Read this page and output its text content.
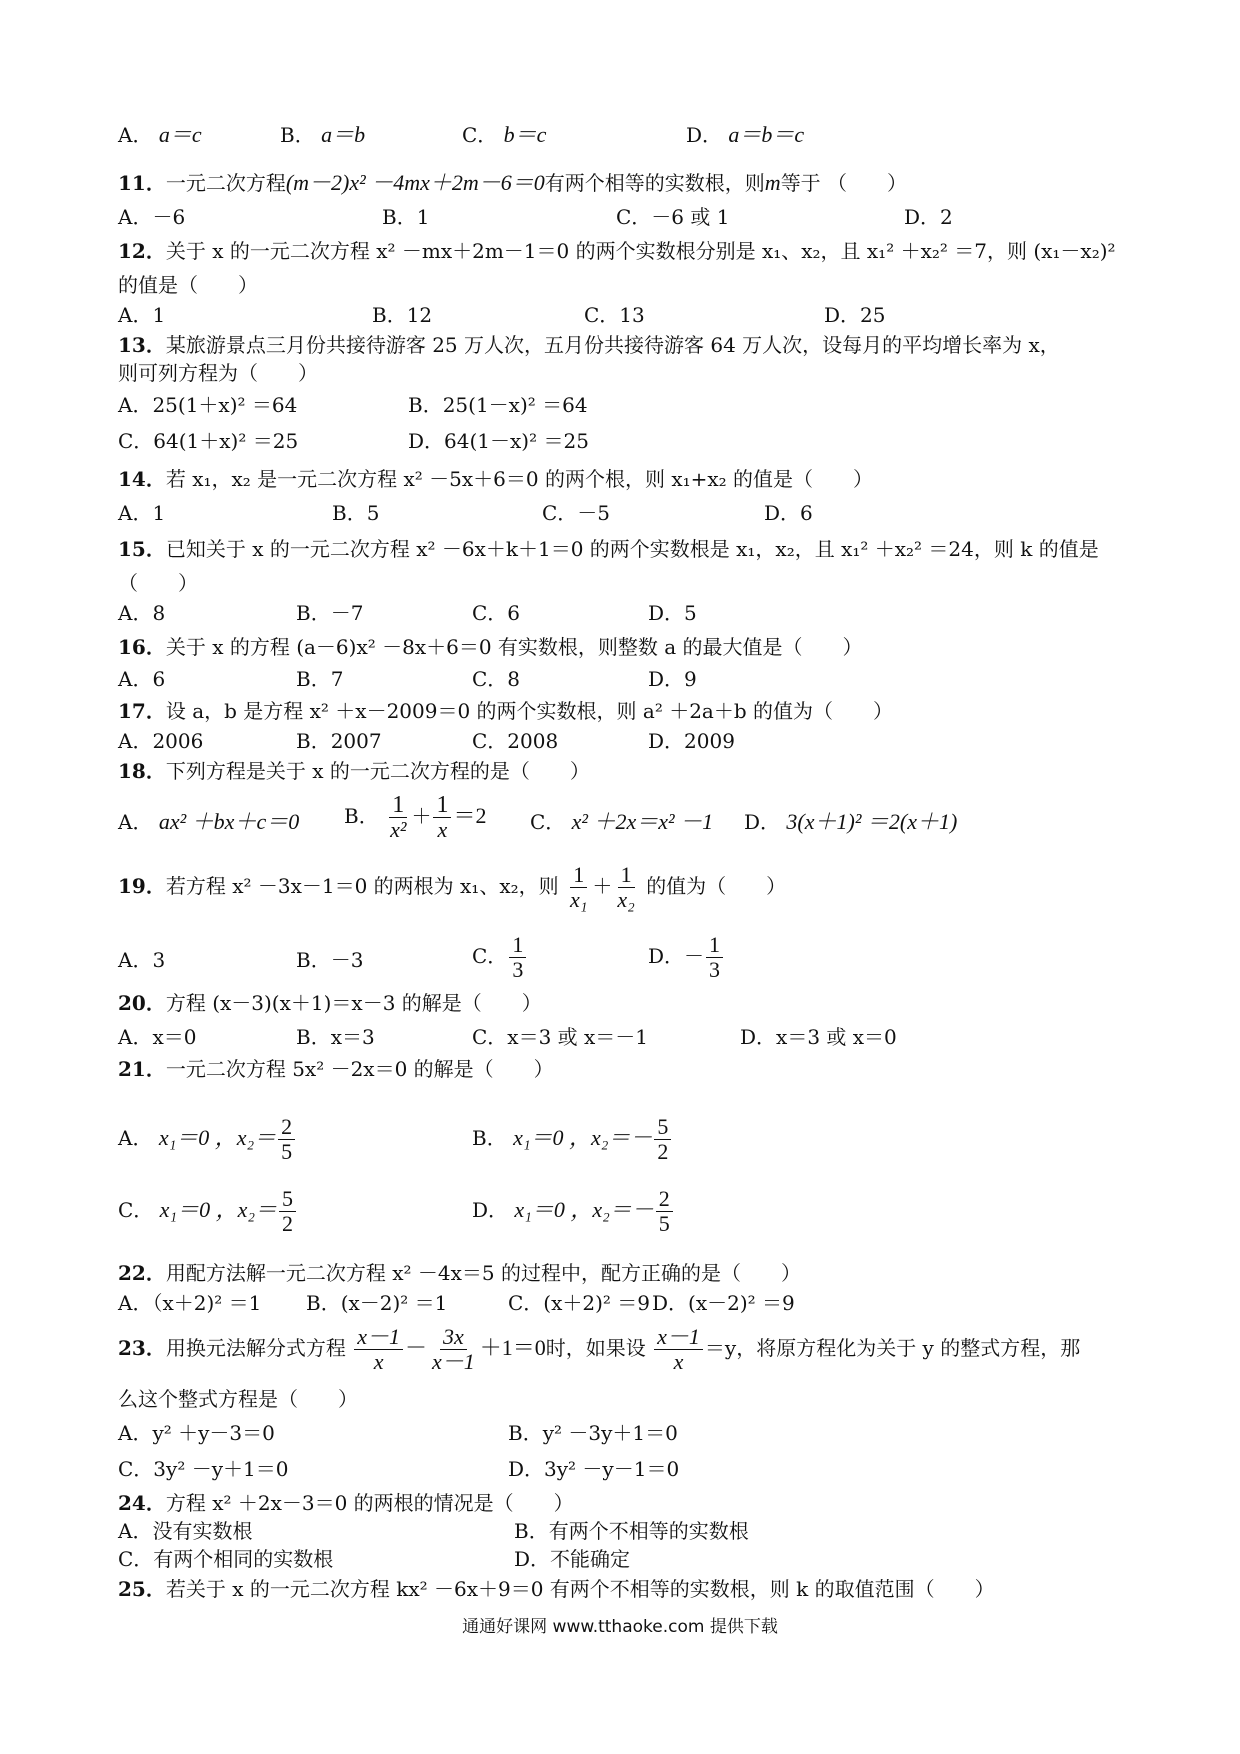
A． a＝c	B． a＝b	C． b＝c	D． a＝b＝c
11．一元二次方程(m－2)x² －4mx＋2m－6＝0有两个相等的实数根，则m等于 （　　）
A．－6	B．1	C．－6 或 1	D．2
12．关于 x 的一元二次方程 x² －mx＋2m－1＝0 的两个实数根分别是 x₁、x₂，且 x₁² ＋x₂² ＝7，则 (x₁－x₂)²
的值是（　　）
A．1	B．12	C．13	D．25
13．某旅游景点三月份共接待游客 25 万人次，五月份共接待游客 64 万人次，设每月的平均增长率为 x，
则可列方程为（　　）
A．25(1＋x)² ＝64	B．25(1－x)² ＝64
C．64(1＋x)² ＝25	D．64(1－x)² ＝25
14．若 x₁，x₂ 是一元二次方程 x² －5x＋6＝0 的两个根，则 x₁+x₂ 的值是（　　）
A．1	B．5	C．－5	D．6
15．已知关于 x 的一元二次方程 x² －6x＋k＋1＝0 的两个实数根是 x₁，x₂，且 x₁² ＋x₂² ＝24，则 k 的值是
（　　）
A．8	B．－7	C．6	D．5
16．关于 x 的方程 (a－6)x² －8x＋6＝0 有实数根，则整数 a 的最大值是（　　）
A．6	B．7	C．8	D．9
17．设 a，b 是方程 x² ＋x－2009＝0 的两个实数根，则 a² ＋2a＋b 的值为（　　）
A．2006	B．2007	C．2008	D．2009
18．下列方程是关于 x 的一元二次方程的是（　　）
A． ax² ＋bx＋c＝0 B． $\frac{1}{\text{x²}} + \frac{1}{x} =2$ C． x² ＋2x＝x² －1 D． 3(x＋1)² ＝2(x＋1)
19．若方程 x² －3x－1＝0 的两根为 x₁、x₂，则 $\frac{1}{\text{x₁}} + \frac{1}{\text{x₂}}$ 的值为（　　）
A．3	B．－3	C． $\frac{1}{3}$	D．－ $\frac{1}{3}$
20．方程 (x－3)(x＋1)＝x－3 的解是（　　）
A．x＝0	B．x＝3	C．x＝3 或 x＝－1	D．x＝3 或 x＝0
21．一元二次方程 5x² －2x＝0 的解是（　　）
A． x₁＝0 ，$x_2= \frac{2}{5}$	B． x₁＝0 ，$x_2=- \frac{5}{2}$
C． x₁＝0 ，$x_2= \frac{5}{2}$	D． x₁＝0 ，$x_2=- \frac{2}{5}$
22．用配方法解一元二次方程 x² －4x＝5 的过程中，配方正确的是（　　）
A．（x＋2)² ＝1 B．(x－2)² ＝1	C．(x＋2)² ＝9 D．(x－2)² ＝9
23．用换元法解分式方程 $\frac{x-1}{x} - \frac{3x}{x-1} +1=0$时，如果设 $\frac{x-1}{x} =y$，将原方程化为关于 y 的整式方程，那
么这个整式方程是（　　）
A．y² ＋y－3＝0	B．y² －3y＋1＝0
C．3y² －y＋1＝0	D．3y² －y－1＝0
24．方程 x² ＋2x－3＝0 的两根的情况是（　　）
A．没有实数根	B．有两个不相等的实数根
C．有两个相同的实数根	D．不能确定
25．若关于 x 的一元二次方程 kx² －6x＋9＝0 有两个不相等的实数根，则 k 的取值范围（　　）
通通好课网 www.tthaoke.com 提供下载
